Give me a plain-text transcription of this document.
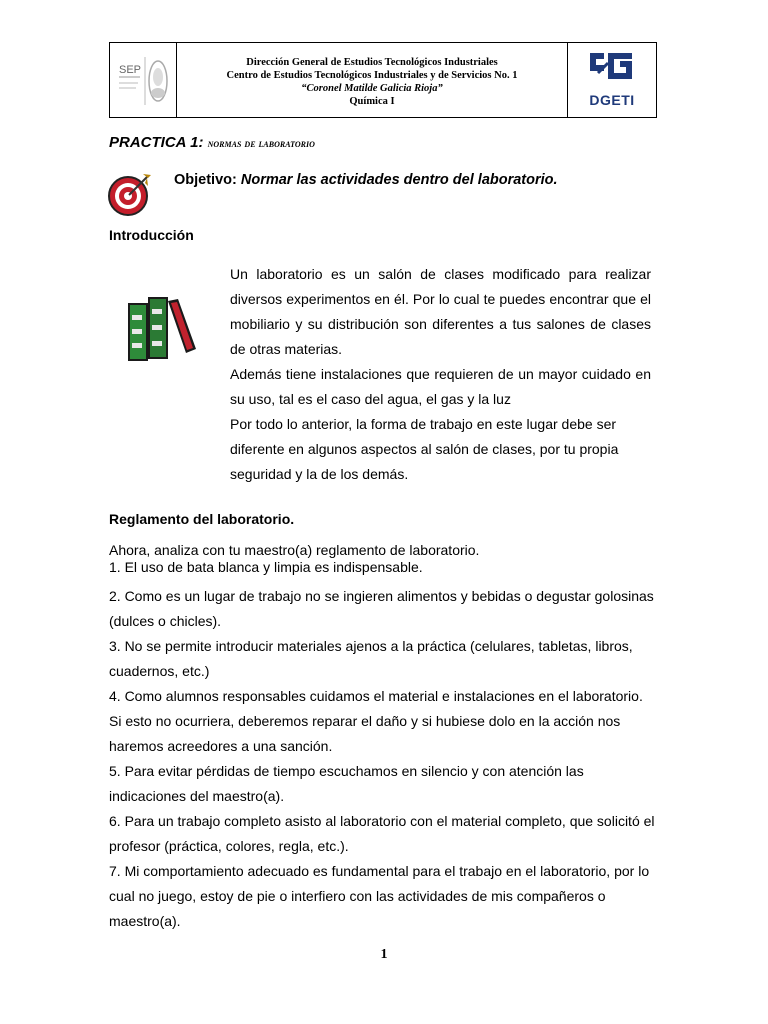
SEP
Dirección General de Estudios Tecnológicos Industriales
Centro de Estudios Tecnológicos Industriales y de Servicios No. 1
“Coronel Matilde Galicia Rioja”
Química I	DGETI
PRACTICA 1: normas de laboratorio
Objetivo: Normar las actividades dentro del laboratorio.
Introducción

Un laboratorio es un salón de clases modificado para realizar diversos experimentos en él. Por lo cual te puedes encontrar que el mobiliario y su distribución son diferentes a tus salones de clases de otras materias.

Además tiene instalaciones que requieren de un mayor cuidado en su uso, tal es el caso del agua, el gas y la luz

Por todo lo anterior, la forma de trabajo en este lugar debe ser diferente en algunos aspectos al salón de clases, por tu propia seguridad y la de los demás.

Reglamento del laboratorio.

Ahora, analiza con tu maestro(a) reglamento de laboratorio.

1. El uso de bata blanca y limpia es indispensable.

2. Como es un lugar de trabajo no se ingieren alimentos y bebidas o degustar golosinas (dulces o chicles).

3. No se permite introducir materiales ajenos a la práctica (celulares, tabletas, libros, cuadernos, etc.)

4. Como alumnos responsables cuidamos el material e instalaciones en el laboratorio. Si esto no ocurriera, deberemos reparar el daño y si hubiese dolo en la acción nos haremos acreedores a una sanción.

5. Para evitar pérdidas de tiempo escuchamos en silencio y con atención las indicaciones del maestro(a).

6. Para un trabajo completo asisto al laboratorio con el material completo, que solicitó el profesor (práctica, colores, regla, etc.).

7. Mi comportamiento adecuado es fundamental para el trabajo en el laboratorio, por lo cual no juego, estoy de pie o interfiero con las actividades de mis compañeros o maestro(a).

1
